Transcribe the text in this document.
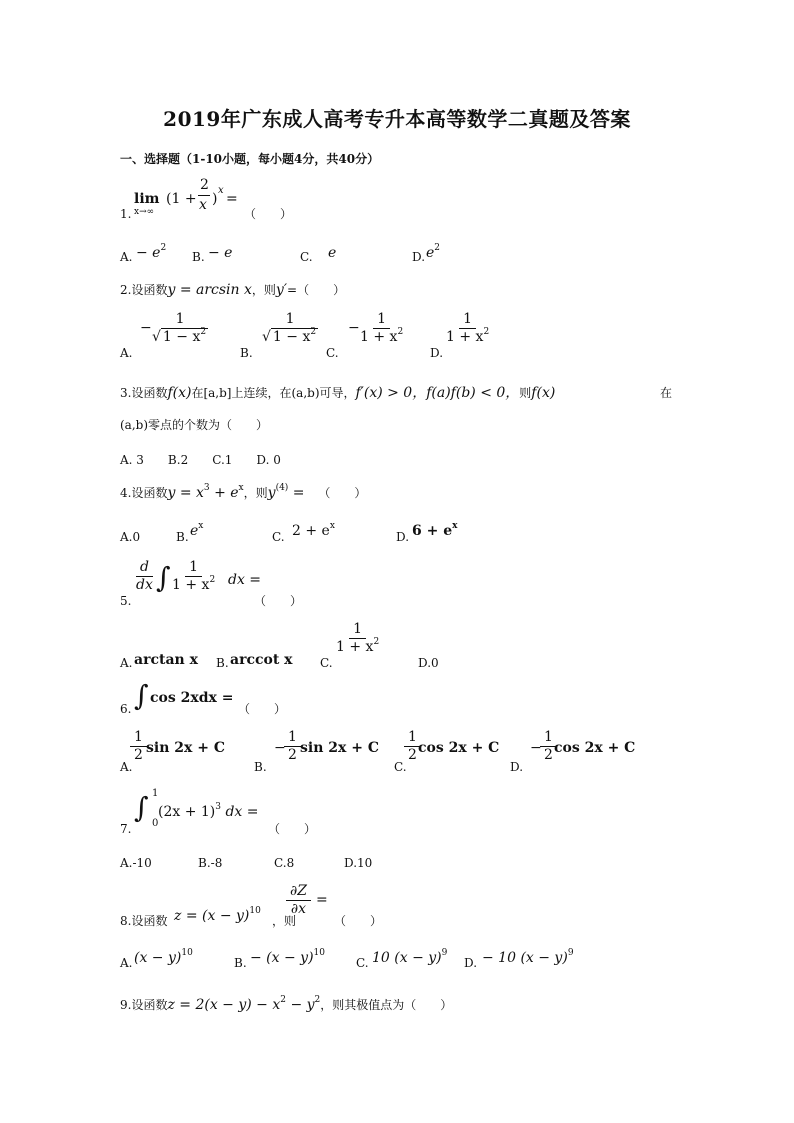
2019年广东成人高考专升本高等数学二真题及答案
一、选择题（1-10小题，每小题4分，共40分）
1.
lim
x→∞
(1 +
2
x )
x
=
（　　）
A. − $e^2$
B. − e	C. e	D. $e^2$
2.设函数y = arcsin x，则y′=（　　）
A.
−
$\frac{1}{√ 1 - x^2}$
B.
$\frac{1}{√ 1 - x^2}$
C.
−
$\frac{1}{1 + x^2}$
D.
$\frac{1}{1 + x^2}$
3.设函数f(x)在[a,b]上连续，在(a,b)可导，f′(x) > 0，f(a)f(b) < 0，则f(x)	在
(a,b)零点的个数为（　　）
A. 3　　B.2　　C.1　　D. 0
4.设函数$y = x^3 + e^x$，则$y^{(4)}$ = （　　）
A.0	B. $e^x$
C. $2 + e^x$
D. $6 + e^x$
5.
$\frac{d}{dx}$ ∫
$\frac{1}{1 + x^2}$ dx =
（　　）
A. arctan x B. arccot x C.
$\frac{1}{1 + x^2}$
D.0
6. ∫ cos 2xdx =
（　　）
A.
$\frac{1}{2}$ sin 2x + C
B.
−
$\frac{1}{2}$ sin 2x + C
C.
$\frac{1}{2}$
cos 2x + C
D.
−
$\frac{1}{2}$
cos 2x + C
7.
∫ 1
0
$(2x + 1)^3$ dx =
（　　）
A.-10	B.-8	C.8	D.10
8.设函数 $z = (x - y)^{10}$
，则
$\frac{\partial Z}{\partial x}$ =
（　　）
A. $(x - y)^{10}$
B. − $(x - y)^{10}$
C. 10 $(x - y)^9$
D. − 10 $(x - y)^9$
9.设函数$z = 2(x - y) - x^2 - y^2$，则其极值点为（　　）
